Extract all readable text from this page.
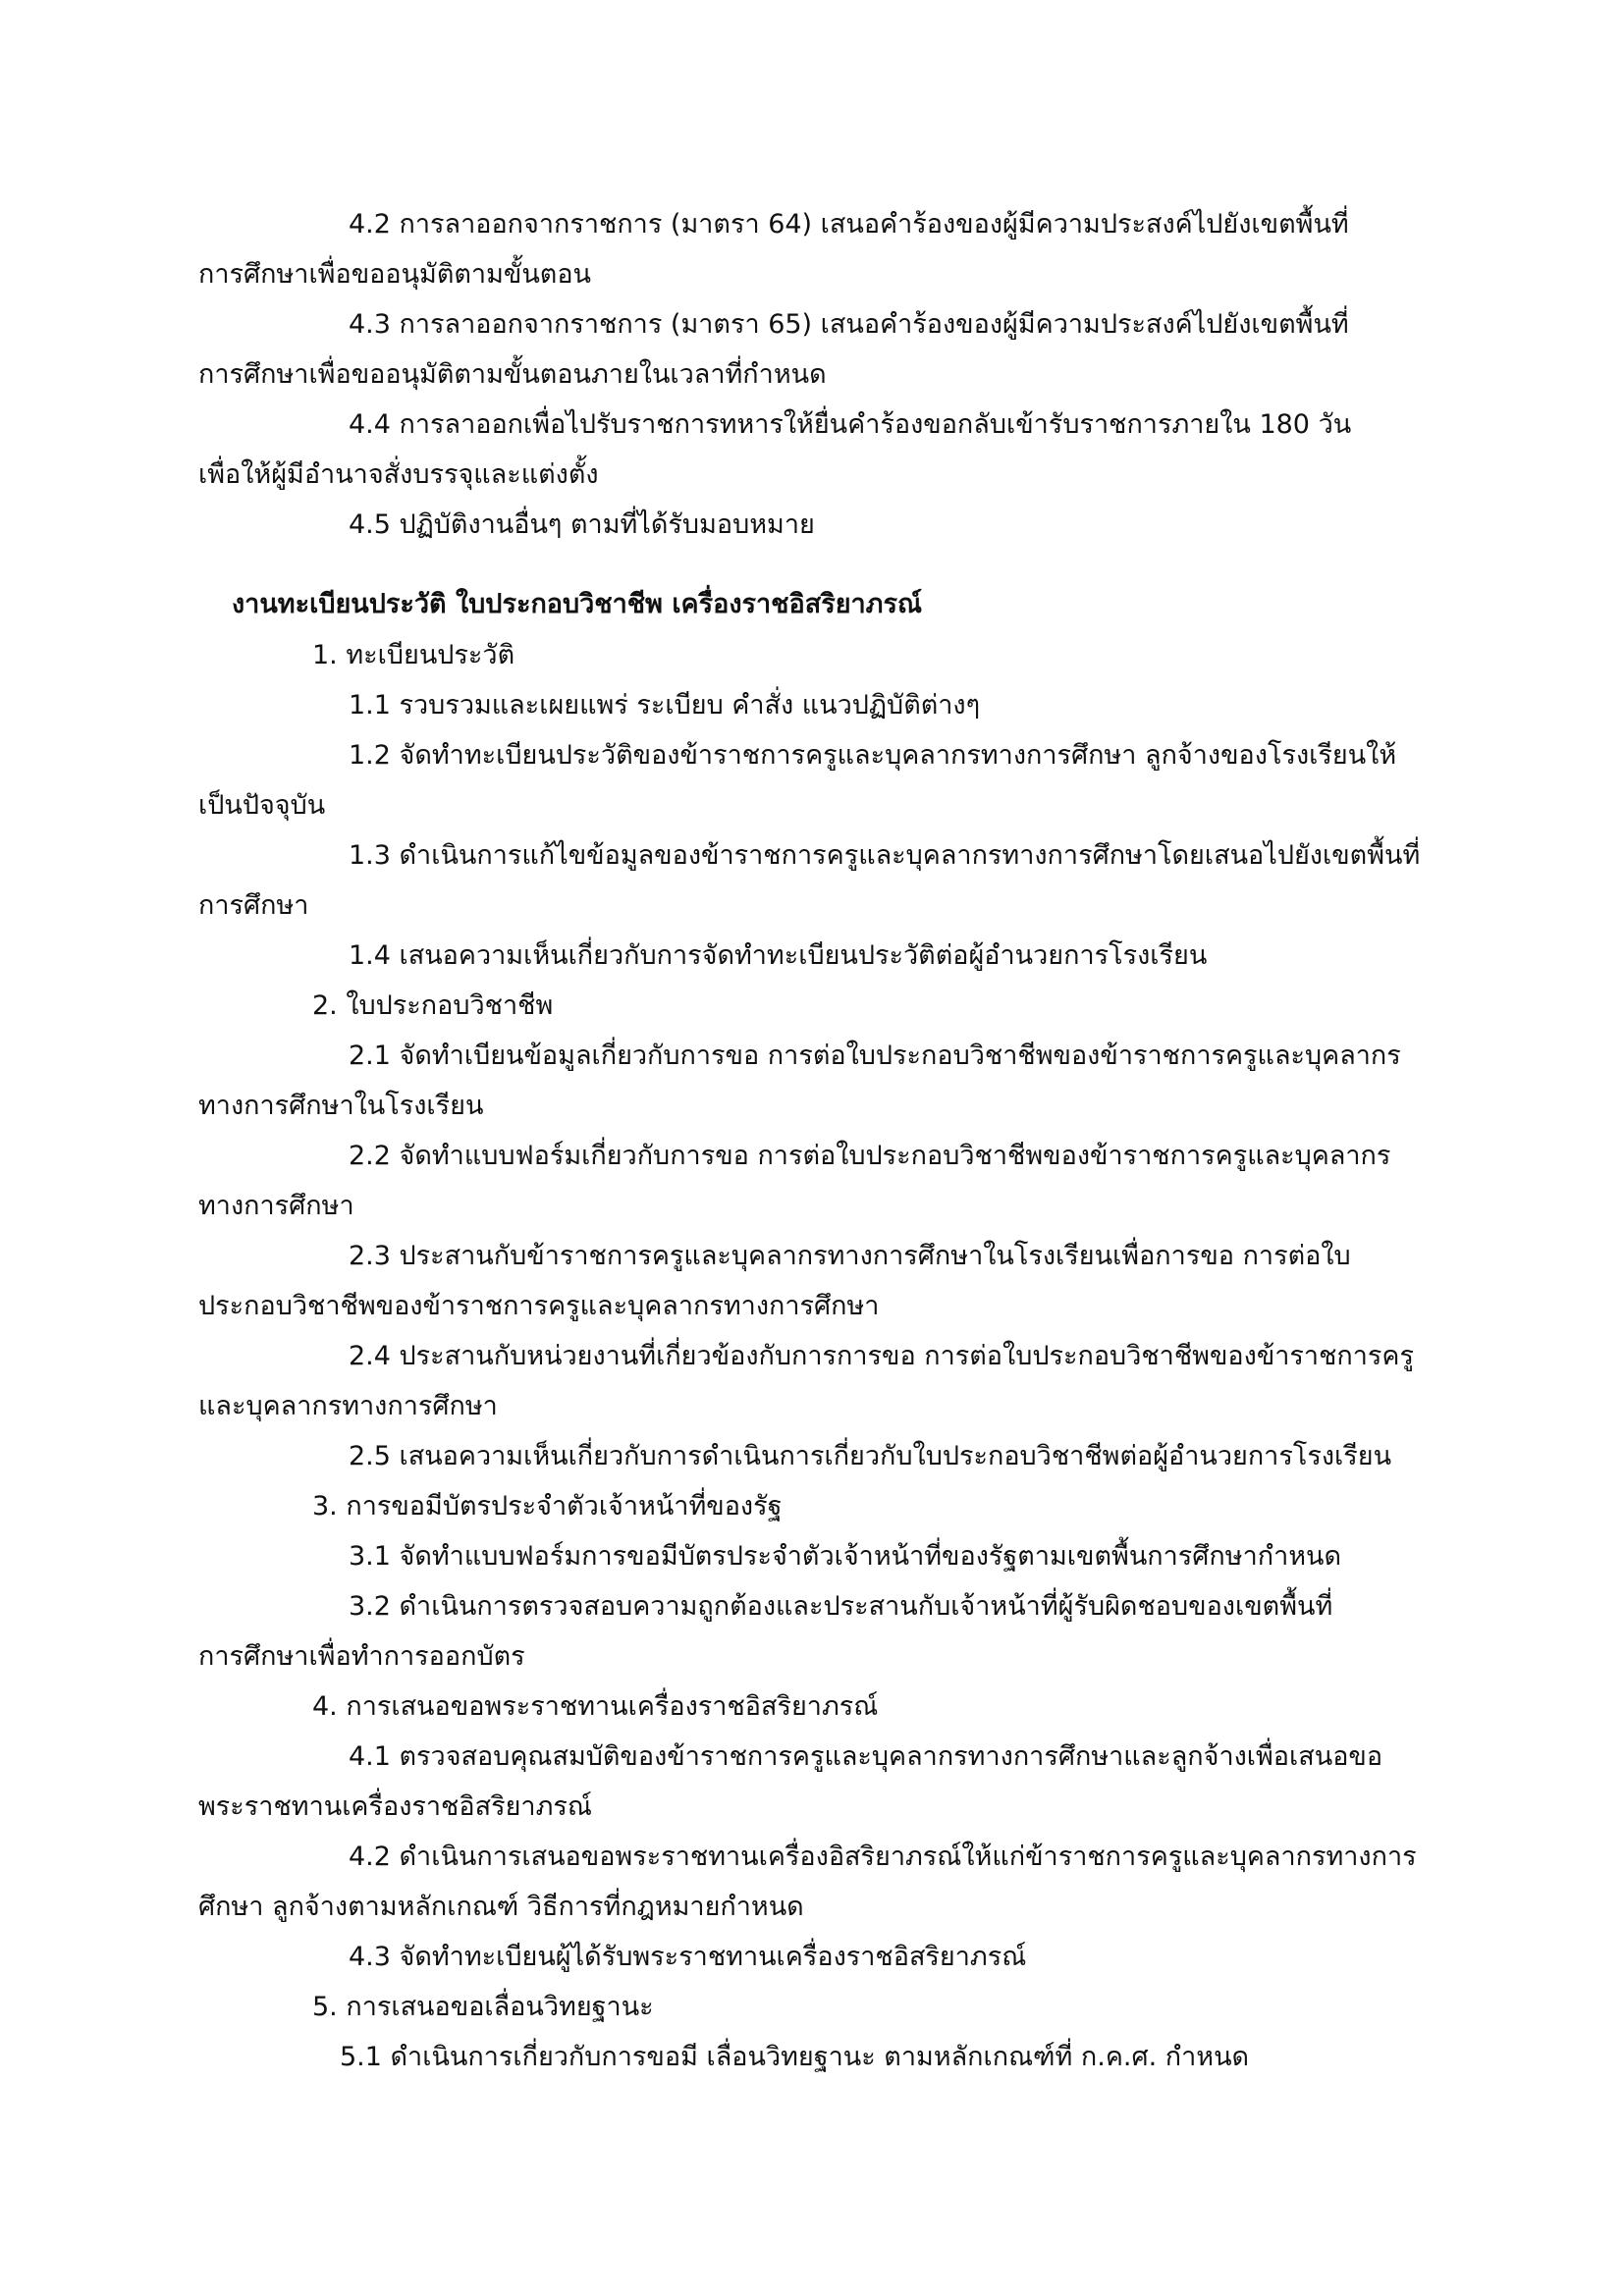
4.2 การลาออกจากราชการ (มาตรา 64) เสนอคำร้องของผู้มีความประสงค์ไปยังเขตพื้นที่
การศึกษาเพื่อขออนุมัติตามขั้นตอน
4.3 การลาออกจากราชการ (มาตรา 65) เสนอคำร้องของผู้มีความประสงค์ไปยังเขตพื้นที่
การศึกษาเพื่อขออนุมัติตามขั้นตอนภายในเวลาที่กำหนด
4.4 การลาออกเพื่อไปรับราชการทหารให้ยื่นคำร้องขอกลับเข้ารับราชการภายใน 180 วัน
เพื่อให้ผู้มีอำนาจสั่งบรรจุและแต่งตั้ง
4.5 ปฏิบัติงานอื่นๆ ตามที่ได้รับมอบหมาย
งานทะเบียนประวัติ ใบประกอบวิชาชีพ เครื่องราชอิสริยาภรณ์
1. ทะเบียนประวัติ
1.1 รวบรวมและเผยแพร่ ระเบียบ คำสั่ง แนวปฏิบัติต่างๆ
1.2 จัดทำทะเบียนประวัติของข้าราชการครูและบุคลากรทางการศึกษา ลูกจ้างของโรงเรียนให้
เป็นปัจจุบัน
1.3 ดำเนินการแก้ไขข้อมูลของข้าราชการครูและบุคลากรทางการศึกษาโดยเสนอไปยังเขตพื้นที่
การศึกษา
1.4 เสนอความเห็นเกี่ยวกับการจัดทำทะเบียนประวัติต่อผู้อำนวยการโรงเรียน
2. ใบประกอบวิชาชีพ
2.1 จัดทำเบียนข้อมูลเกี่ยวกับการขอ การต่อใบประกอบวิชาชีพของข้าราชการครูและบุคลากร
ทางการศึกษาในโรงเรียน
2.2 จัดทำแบบฟอร์มเกี่ยวกับการขอ การต่อใบประกอบวิชาชีพของข้าราชการครูและบุคลากร
ทางการศึกษา
2.3 ประสานกับข้าราชการครูและบุคลากรทางการศึกษาในโรงเรียนเพื่อการขอ การต่อใบ
ประกอบวิชาชีพของข้าราชการครูและบุคลากรทางการศึกษา
2.4 ประสานกับหน่วยงานที่เกี่ยวข้องกับการการขอ การต่อใบประกอบวิชาชีพของข้าราชการครู
และบุคลากรทางการศึกษา
2.5 เสนอความเห็นเกี่ยวกับการดำเนินการเกี่ยวกับใบประกอบวิชาชีพต่อผู้อำนวยการโรงเรียน
3. การขอมีบัตรประจำตัวเจ้าหน้าที่ของรัฐ
3.1 จัดทำแบบฟอร์มการขอมีบัตรประจำตัวเจ้าหน้าที่ของรัฐตามเขตพื้นการศึกษากำหนด
3.2 ดำเนินการตรวจสอบความถูกต้องและประสานกับเจ้าหน้าที่ผู้รับผิดชอบของเขตพื้นที่
การศึกษาเพื่อทำการออกบัตร
4. การเสนอขอพระราชทานเครื่องราชอิสริยาภรณ์
4.1 ตรวจสอบคุณสมบัติของข้าราชการครูและบุคลากรทางการศึกษาและลูกจ้างเพื่อเสนอขอ
พระราชทานเครื่องราชอิสริยาภรณ์
4.2 ดำเนินการเสนอขอพระราชทานเครื่องอิสริยาภรณ์ให้แก่ข้าราชการครูและบุคลากรทางการ
ศึกษา ลูกจ้างตามหลักเกณฑ์ วิธีการที่กฎหมายกำหนด
4.3 จัดทำทะเบียนผู้ได้รับพระราชทานเครื่องราชอิสริยาภรณ์
5. การเสนอขอเลื่อนวิทยฐานะ
5.1 ดำเนินการเกี่ยวกับการขอมี เลื่อนวิทยฐานะ ตามหลักเกณฑ์ที่ ก.ค.ศ. กำหนด
